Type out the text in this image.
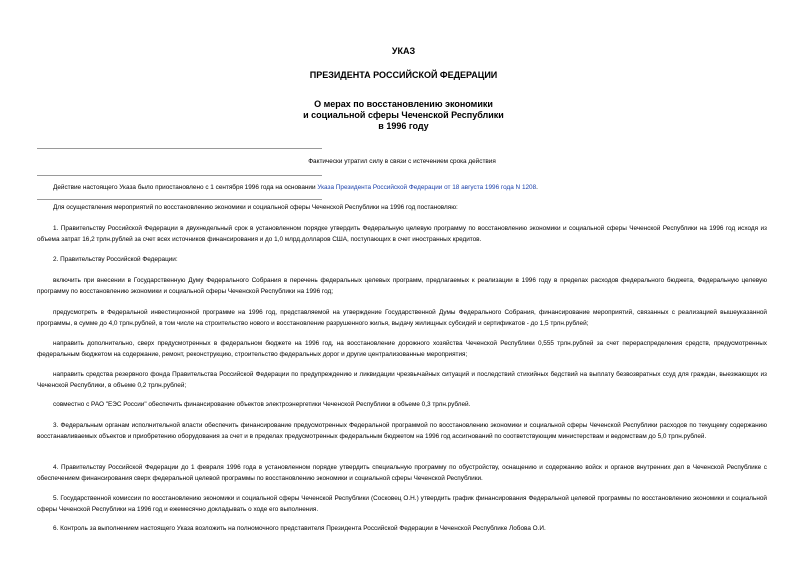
УКАЗ
ПРЕЗИДЕНТА РОССИЙСКОЙ ФЕДЕРАЦИИ
О мерах по восстановлению экономики
и социальной сферы Чеченской Республики
в 1996 году
Фактически утратил силу в связи с истечением срока действия
Действие настоящего Указа было приостановлено с 1 сентября 1996 года на основании Указа Президента Российской Федерации от 18 августа 1996 года N 1208.
Для осуществления мероприятий по восстановлению экономики и социальной сферы Чеченской Республики на 1996 год постановляю:
1. Правительству Российской Федерации в двухнедельный срок в установленном порядке утвердить Федеральную целевую программу по восстановлению экономики и социальной сферы Чеченской Республики на 1996 год исходя из объема затрат 16,2 трлн.рублей за счет всех источников финансирования и до 1,0 млрд.долларов США, поступающих в счет иностранных кредитов.
2. Правительству Российской Федерации:
включить при внесении в Государственную Думу Федерального Собрания в перечень федеральных целевых программ, предлагаемых к реализации в 1996 году в пределах расходов федерального бюджета, Федеральную целевую программу по восстановлению экономики и социальной сферы Чеченской Республики на 1996 год;
предусмотреть в Федеральной инвестиционной программе на 1996 год, представляемой на утверждение Государственной Думы Федерального Собрания, финансирование мероприятий, связанных с реализацией вышеуказанной программы, в сумме до 4,0 трлн.рублей, в том числе на строительство нового и восстановление разрушенного жилья, выдачу жилищных субсидий и сертификатов - до 1,5 трлн.рублей;
направить дополнительно, сверх предусмотренных в федеральном бюджете на 1996 год, на восстановление дорожного хозяйства Чеченской Республики 0,555 трлн.рублей за счет перераспределения средств, предусмотренных федеральным бюджетом на содержание, ремонт, реконструкцию, строительство федеральных дорог и другие централизованные мероприятия;
направить средства резервного фонда Правительства Российской Федерации по предупреждению и ликвидации чрезвычайных ситуаций и последствий стихийных бедствий на выплату безвозвратных ссуд для граждан, выезжающих из Чеченской Республики, в объеме 0,2 трлн.рублей;
совместно с РАО "ЕЭС России" обеспечить финансирование объектов электроэнергетики Чеченской Республики в объеме 0,3 трлн.рублей.
3. Федеральным органам исполнительной власти обеспечить финансирование предусмотренных Федеральной программой по восстановлению экономики и социальной сферы Чеченской Республики расходов по текущему содержанию восстанавливаемых объектов и приобретению оборудования за счет и в пределах предусмотренных федеральным бюджетом на 1996 год ассигнований по соответствующим министерствам и ведомствам до 5,0 трлн.рублей.
4. Правительству Российской Федерации до 1 февраля 1996 года в установленном порядке утвердить специальную программу по обустройству, оснащению и содержанию войск и органов внутренних дел в Чеченской Республике с обеспечением финансирования сверх федеральной целевой программы по восстановлению экономики и социальной сферы Чеченской Республики.
5. Государственной комиссии по восстановлению экономики и социальной сферы Чеченской Республики (Сосковец О.Н.) утвердить график финансирования Федеральной целевой программы по восстановлению экономики и социальной сферы Чеченской Республики на 1996 год и ежемесячно докладывать о ходе его выполнения.
6. Контроль за выполнением настоящего Указа возложить на полномочного представителя Президента Российской Федерации в Чеченской Республике Лобова О.И.
